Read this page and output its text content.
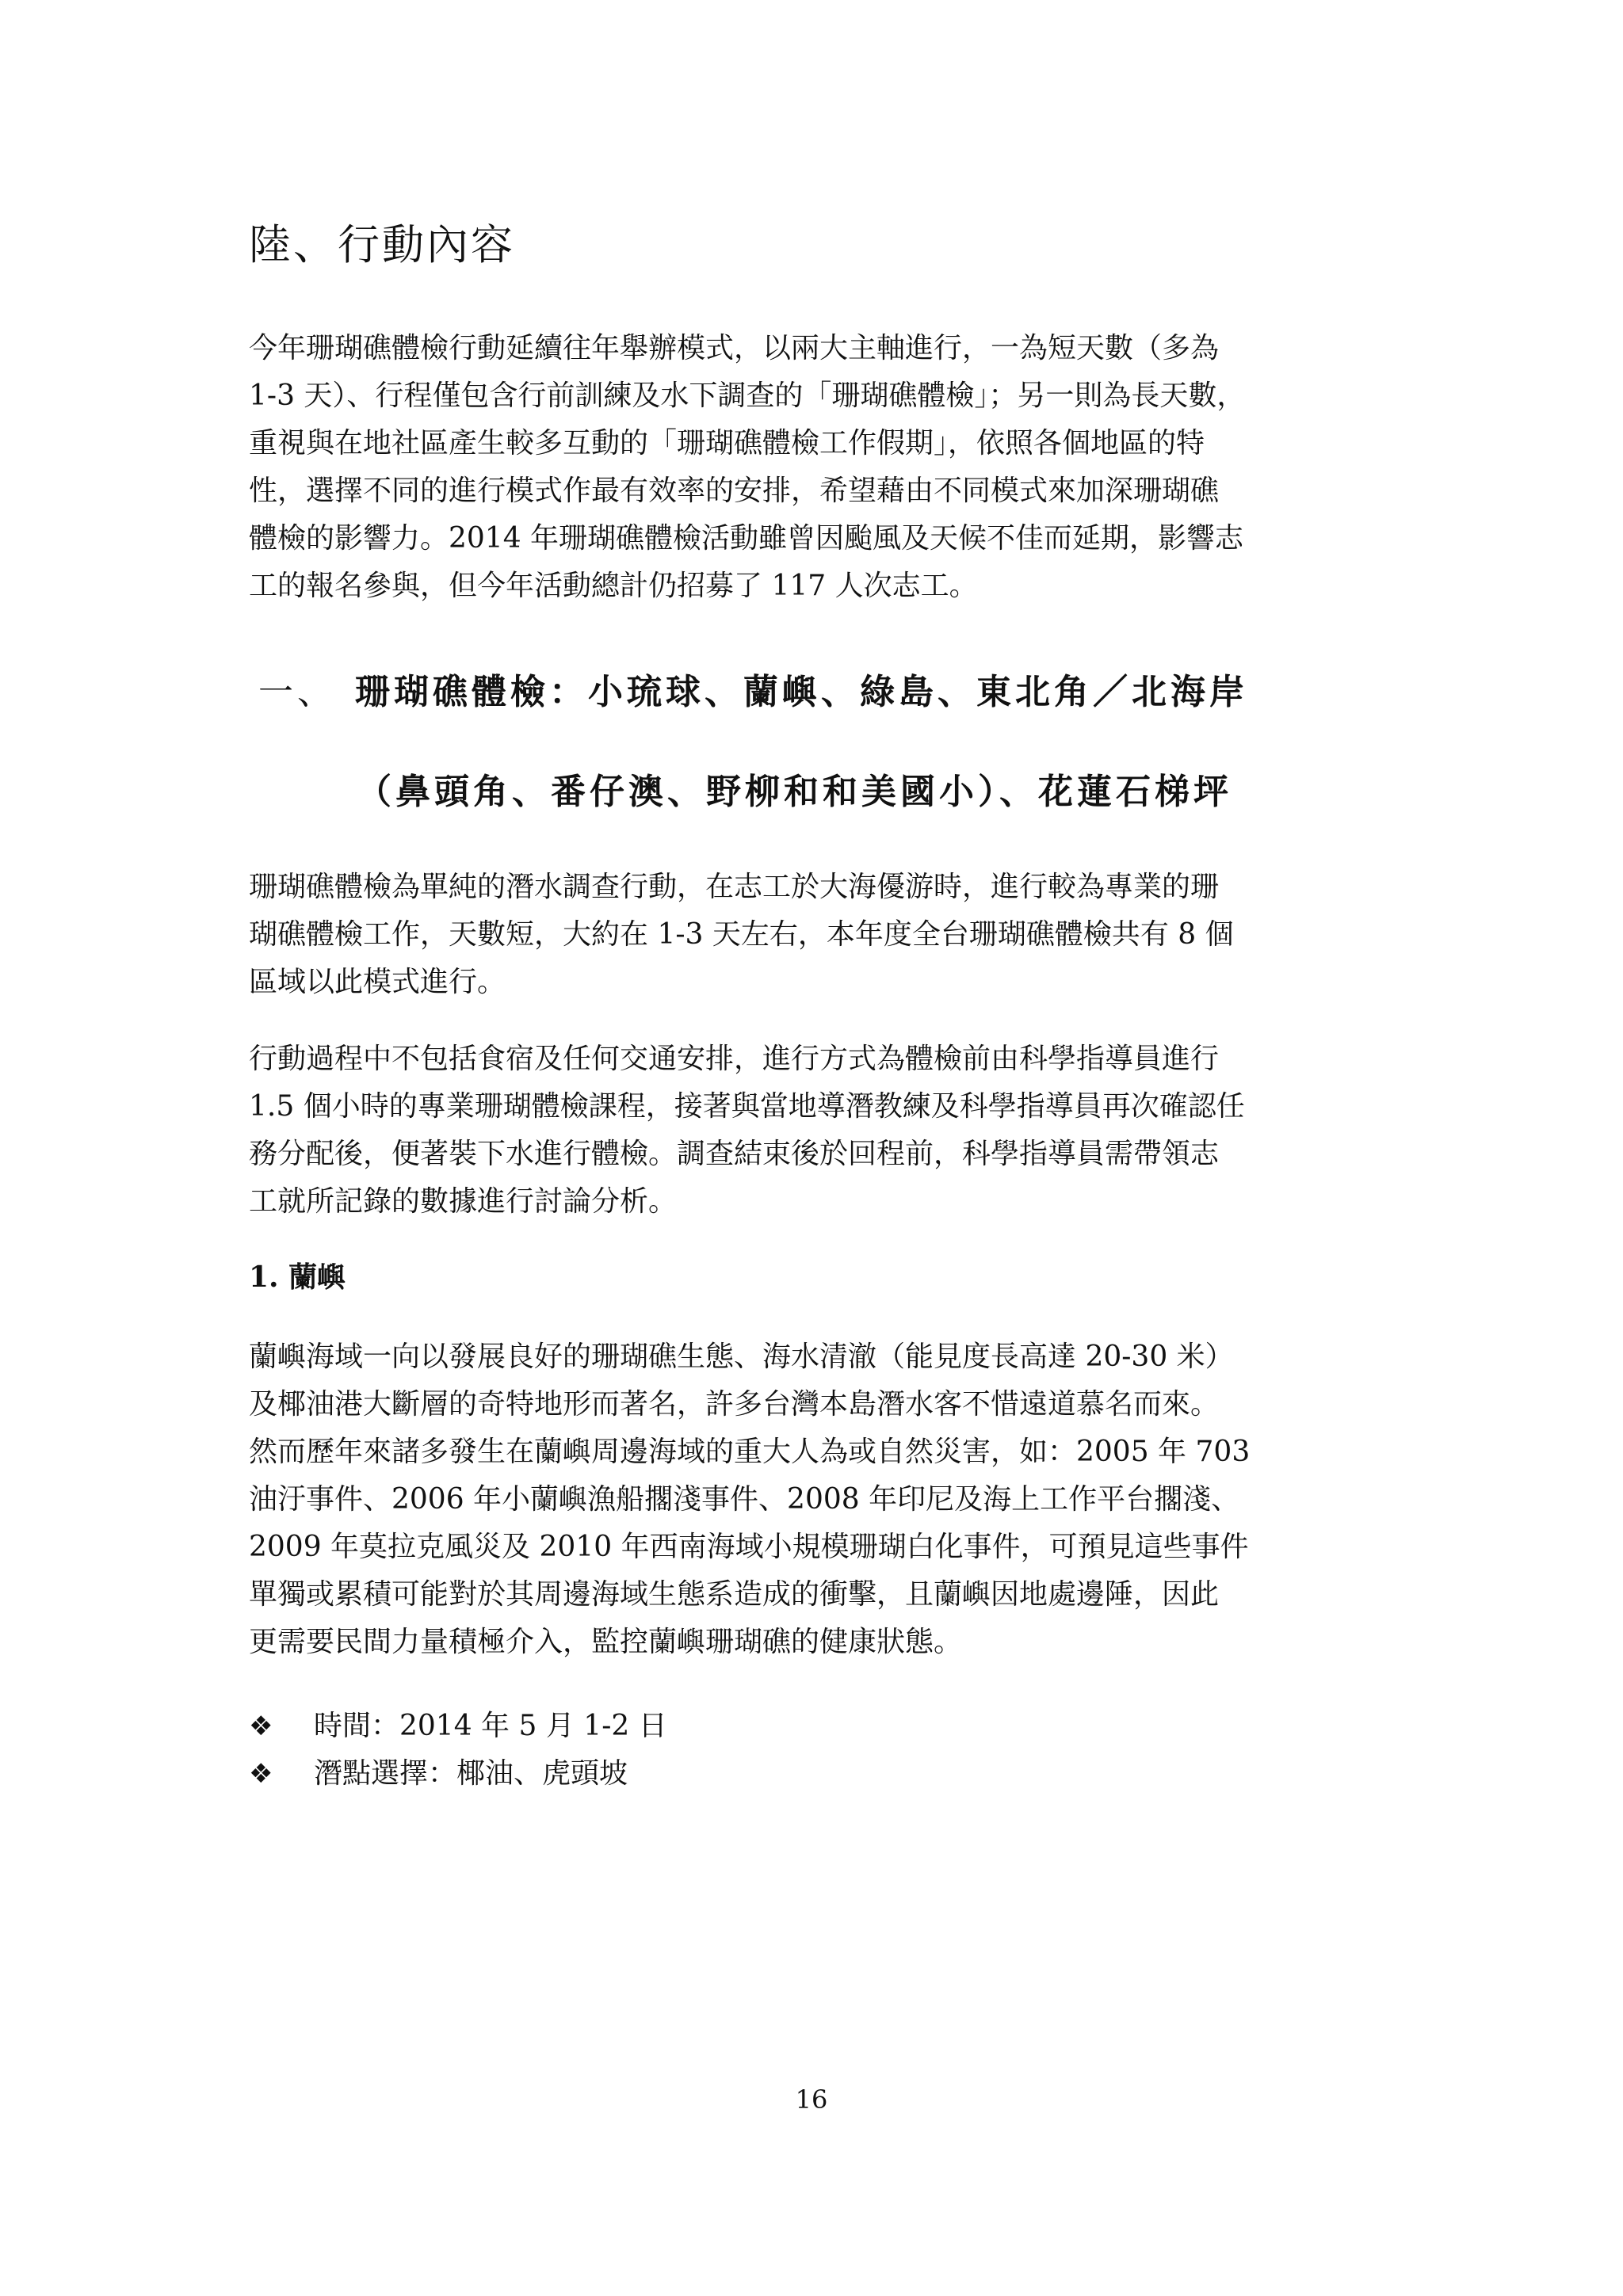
陸、行動內容

今年珊瑚礁體檢行動延續往年舉辦模式，以兩大主軸進行，一為短天數（多為
1-3 天）、行程僅包含行前訓練及水下調查的「珊瑚礁體檢」；另一則為長天數，
重視與在地社區產生較多互動的「珊瑚礁體檢工作假期」，依照各個地區的特
性，選擇不同的進行模式作最有效率的安排，希望藉由不同模式來加深珊瑚礁
體檢的影響力。2014 年珊瑚礁體檢活動雖曾因颱風及天候不佳而延期，影響志
工的報名參與，但今年活動總計仍招募了 117 人次志工。

一、 珊瑚礁體檢：小琉球、蘭嶼、綠島、東北角／北海岸
（鼻頭角、番仔澳、野柳和和美國小）、花蓮石梯坪

珊瑚礁體檢為單純的潛水調查行動，在志工於大海優游時，進行較為專業的珊
瑚礁體檢工作，天數短，大約在 1-3 天左右，本年度全台珊瑚礁體檢共有 8 個
區域以此模式進行。

行動過程中不包括食宿及任何交通安排，進行方式為體檢前由科學指導員進行
1.5 個小時的專業珊瑚體檢課程，接著與當地導潛教練及科學指導員再次確認任
務分配後，便著裝下水進行體檢。調查結束後於回程前，科學指導員需帶領志
工就所記錄的數據進行討論分析。

1. 蘭嶼

蘭嶼海域一向以發展良好的珊瑚礁生態、海水清澈（能見度長高達 20-30 米）
及椰油港大斷層的奇特地形而著名，許多台灣本島潛水客不惜遠道慕名而來。
然而歷年來諸多發生在蘭嶼周邊海域的重大人為或自然災害，如：2005 年 703
油汙事件、2006 年小蘭嶼漁船擱淺事件、2008 年印尼及海上工作平台擱淺、
2009 年莫拉克風災及 2010 年西南海域小規模珊瑚白化事件，可預見這些事件
單獨或累積可能對於其周邊海域生態系造成的衝擊，且蘭嶼因地處邊陲，因此
更需要民間力量積極介入，監控蘭嶼珊瑚礁的健康狀態。

❖	時間：2014 年 5 月 1-2 日
❖	潛點選擇：椰油、虎頭坡
16
